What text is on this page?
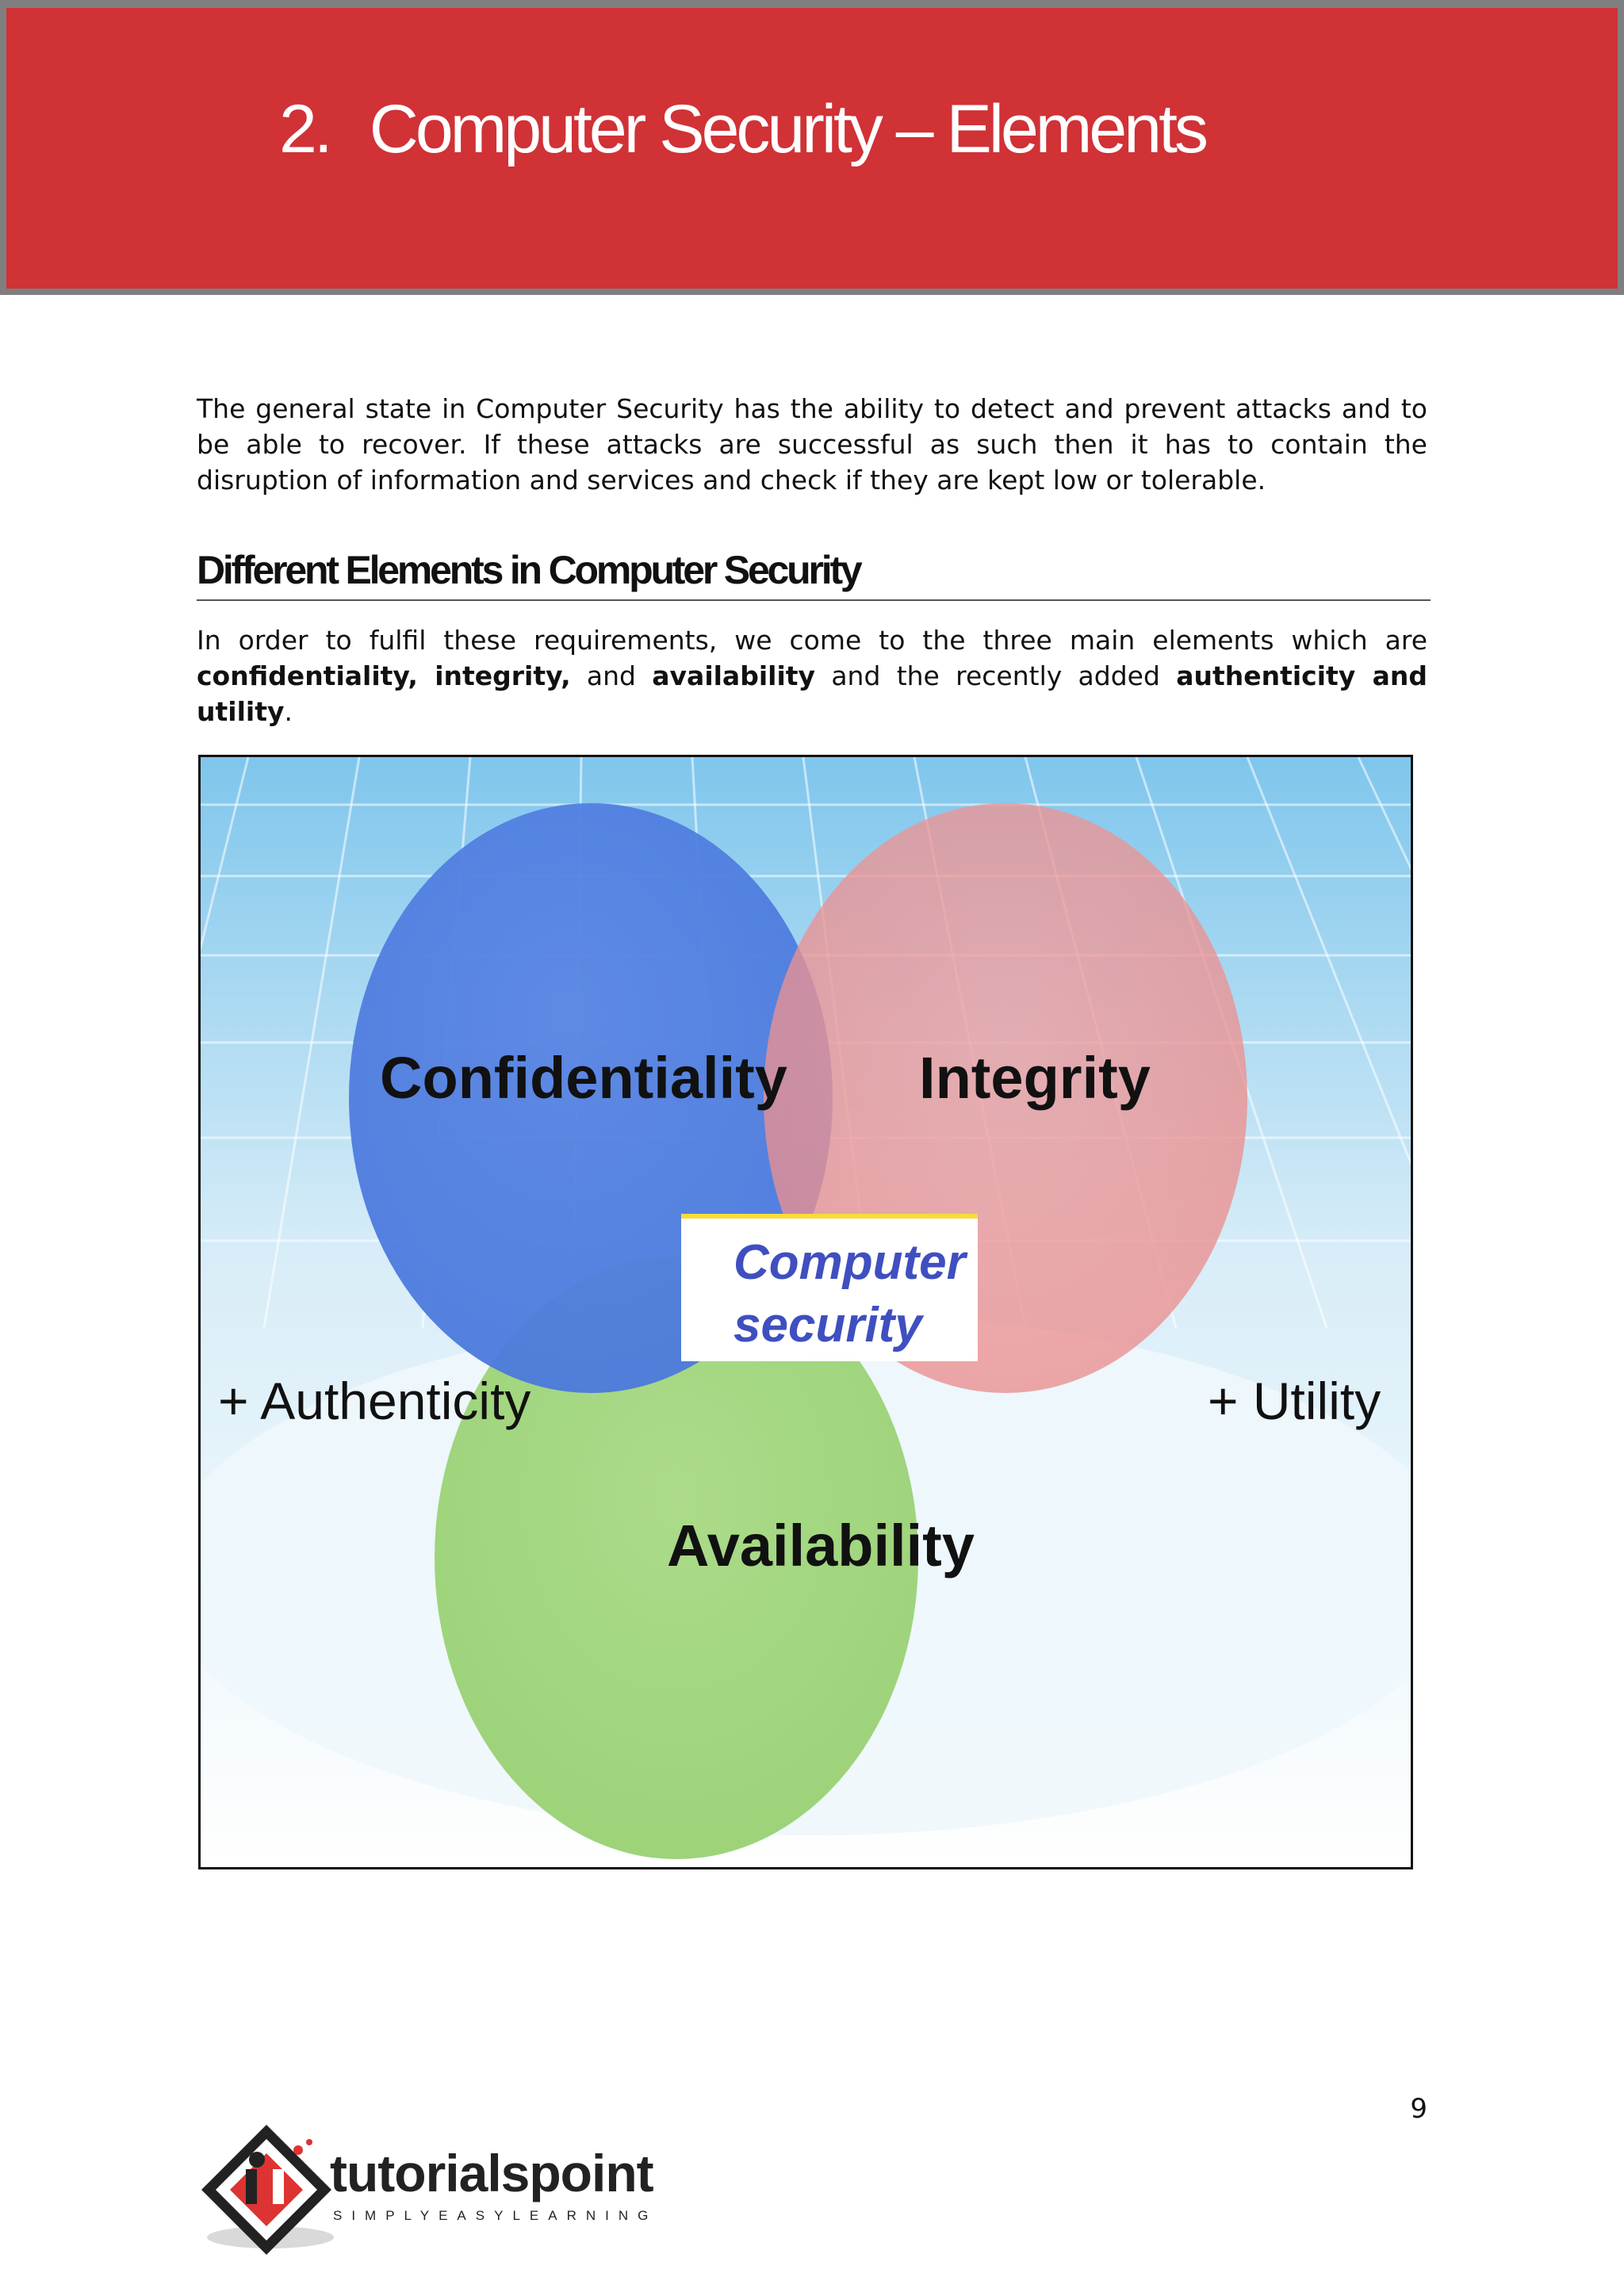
2. Computer Security – Elements

The general state in Computer Security has the ability to detect and prevent attacks and to be able to recover. If these attacks are successful as such then it has to contain the disruption of information and services and check if they are kept low or tolerable.

Different Elements in Computer Security

In order to fulfil these requirements, we come to the three main elements which are confidentiality, integrity, and availability and the recently added authenticity and utility.

Confidentiality Integrity
Availability
Computer
security
+ Authenticity	+ Utility
9
tutorialspoint
SIMPLYEASYLEARNING
